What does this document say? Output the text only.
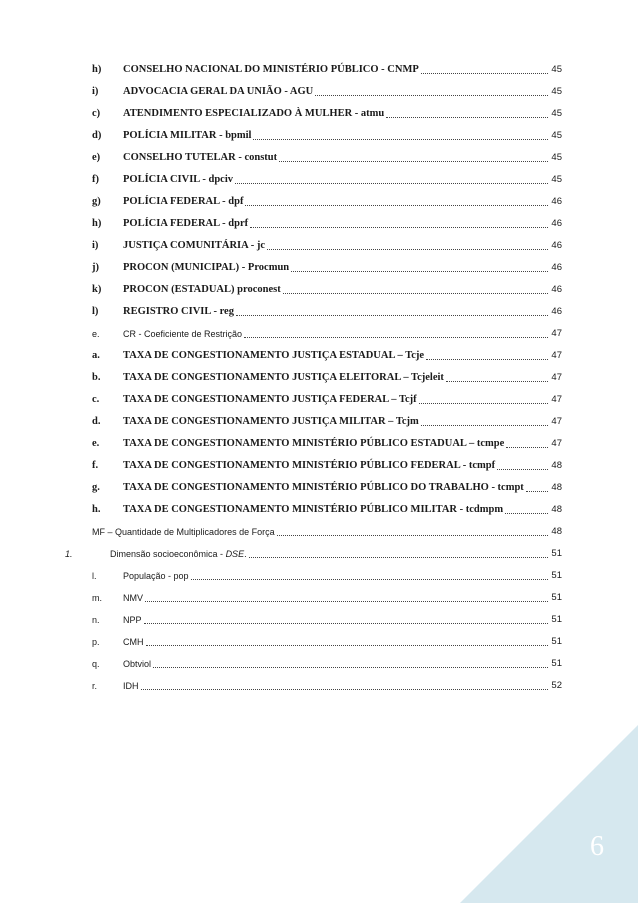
h) CONSELHO NACIONAL DO MINISTÉRIO PÚBLICO - CNMP	45
i) ADVOCACIA GERAL DA UNIÃO - AGU	45
c) ATENDIMENTO ESPECIALIZADO À MULHER - atmu	45
d) POLÍCIA MILITAR - bpmil	45
e) CONSELHO TUTELAR - constut	45
f) POLÍCIA CIVIL - dpciv	45
g) POLÍCIA FEDERAL - dpf	46
h) POLÍCIA FEDERAL - dprf	46
i) JUSTIÇA COMUNITÁRIA - jc	46
j) PROCON (MUNICIPAL) - Procmun	46
k) PROCON (ESTADUAL) proconest	46
l) REGISTRO CIVIL - reg	46
e.	CR - Coeficiente de Restrição	47
a. TAXA DE CONGESTIONAMENTO JUSTIÇA ESTADUAL – Tcje	47
b. TAXA DE CONGESTIONAMENTO JUSTIÇA ELEITORAL – Tcjeleit	47
c. TAXA DE CONGESTIONAMENTO JUSTIÇA FEDERAL – Tcjf	47
d. TAXA DE CONGESTIONAMENTO JUSTIÇA MILITAR – Tcjm	47
e. TAXA DE CONGESTIONAMENTO MINISTÉRIO PÚBLICO ESTADUAL – tcmpe	47
f. TAXA DE CONGESTIONAMENTO MINISTÉRIO PÚBLICO FEDERAL - tcmpf	48
g. TAXA DE CONGESTIONAMENTO MINISTÉRIO PÚBLICO DO TRABALHO - tcmpt	48
h. TAXA DE CONGESTIONAMENTO MINISTÉRIO PÚBLICO MILITAR - tcdmpm	48
MF – Quantidade de Multiplicadores de Força	48
1.	Dimensão socioeconômica - DSE.	51
l.	População - pop	51
m. NMV	51
n.	NPP	51
p.	CMH	51
q.	Obtviol	51
r.	IDH	52
6
